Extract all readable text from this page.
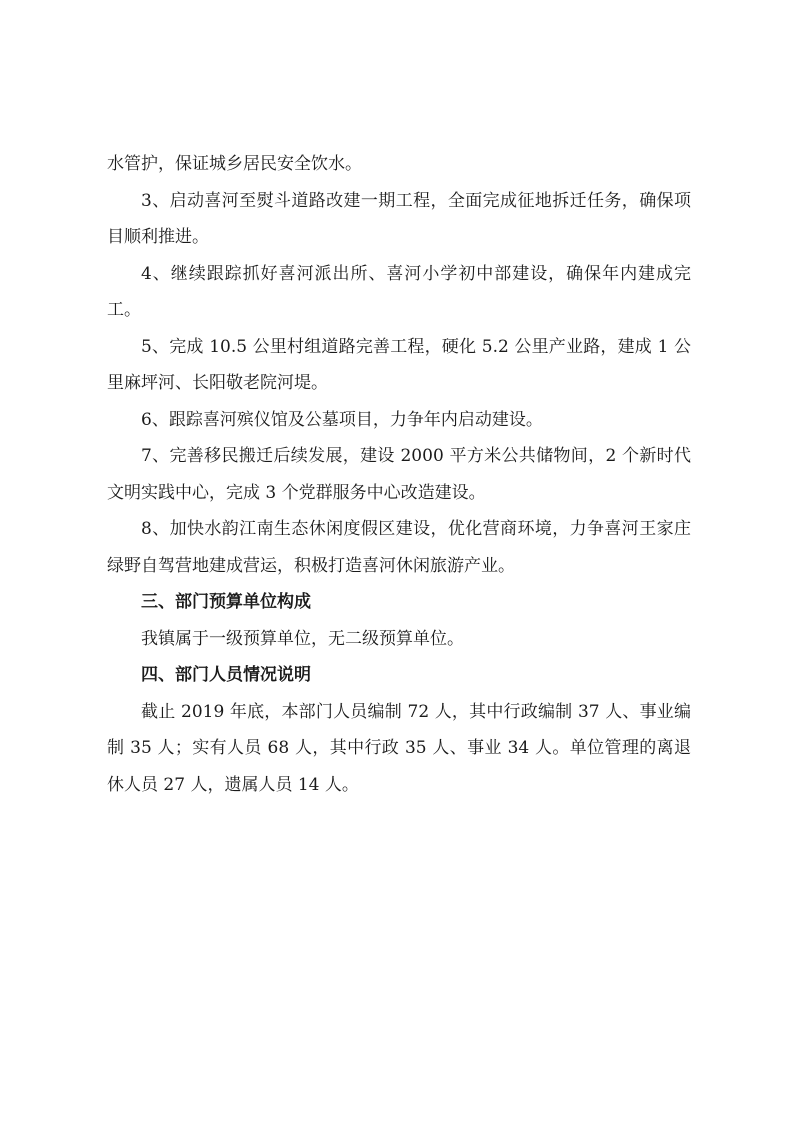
水管护，保证城乡居民安全饮水。

3、启动喜河至熨斗道路改建一期工程，全面完成征地拆迁任务，确保项目顺利推进。

4、继续跟踪抓好喜河派出所、喜河小学初中部建设，确保年内建成完工。

5、完成 10.5 公里村组道路完善工程，硬化 5.2 公里产业路，建成 1 公里麻坪河、长阳敬老院河堤。

6、跟踪喜河殡仪馆及公墓项目，力争年内启动建设。

7、完善移民搬迁后续发展，建设 2000 平方米公共储物间，2 个新时代文明实践中心，完成 3 个党群服务中心改造建设。

8、加快水韵江南生态休闲度假区建设，优化营商环境，力争喜河王家庄绿野自驾营地建成营运，积极打造喜河休闲旅游产业。

三、部门预算单位构成

我镇属于一级预算单位，无二级预算单位。

四、部门人员情况说明

截止 2019 年底，本部门人员编制 72 人，其中行政编制 37 人、事业编制 35 人；实有人员 68 人，其中行政 35 人、事业 34 人。单位管理的离退休人员 27 人，遗属人员 14 人。
